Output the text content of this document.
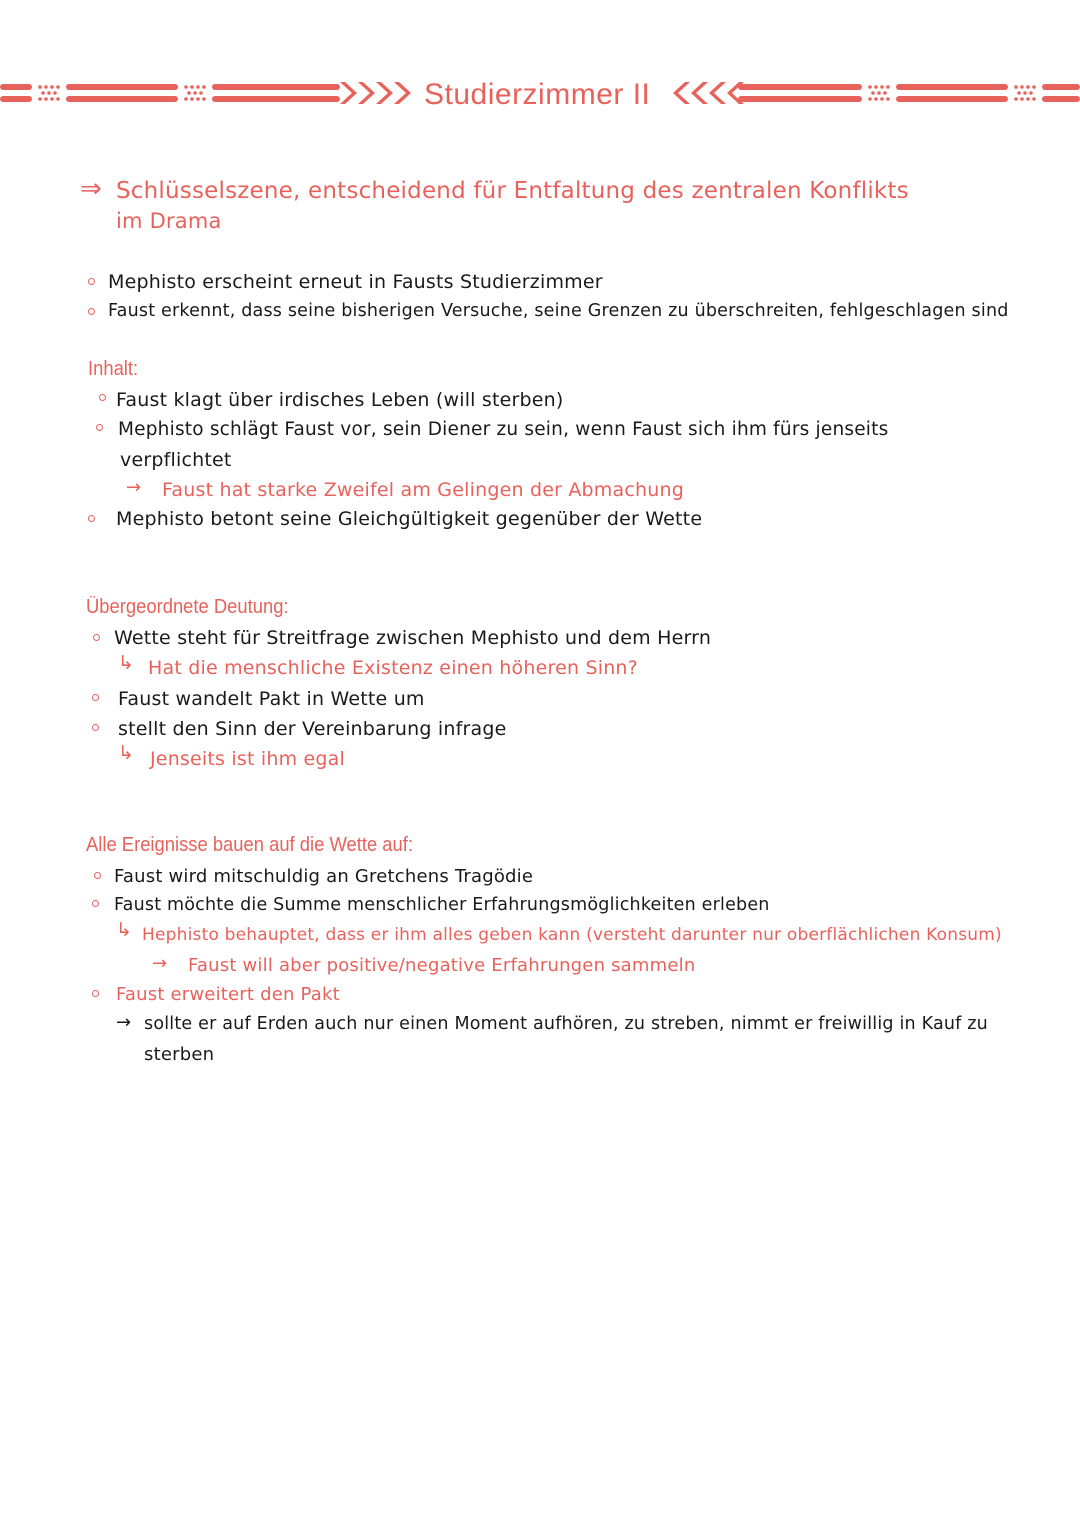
Studierzimmer II
⇒ Schlüsselszene, entscheidend für Entfaltung des zentralen Konflikts
im Drama
Mephisto erscheint erneut in Fausts Studierzimmer
Faust erkennt, dass seine bisherigen Versuche, seine Grenzen zu überschreiten, fehlgeschlagen sind
Inhalt:
Faust klagt über irdisches Leben (will sterben)
Mephisto schlägt Faust vor, sein Diener zu sein, wenn Faust sich ihm fürs jenseits
verpflichtet
→ Faust hat starke Zweifel am Gelingen der Abmachung
Mephisto betont seine Gleichgültigkeit gegenüber der Wette
Übergeordnete Deutung:
Wette steht für Streitfrage zwischen Mephisto und dem Herrn
↳ Hat die menschliche Existenz einen höheren Sinn?
Faust wandelt Pakt in Wette um
stellt den Sinn der Vereinbarung infrage
↳ Jenseits ist ihm egal
Alle Ereignisse bauen auf die Wette auf:
Faust wird mitschuldig an Gretchens Tragödie
Faust möchte die Summe menschlicher Erfahrungsmöglichkeiten erleben
↳ Hephisto behauptet, dass er ihm alles geben kann (versteht darunter nur oberflächlichen Konsum)
→ Faust will aber positive/negative Erfahrungen sammeln
Faust erweitert den Pakt
→ sollte er auf Erden auch nur einen Moment aufhören, zu streben, nimmt er freiwillig in Kauf zu
sterben
